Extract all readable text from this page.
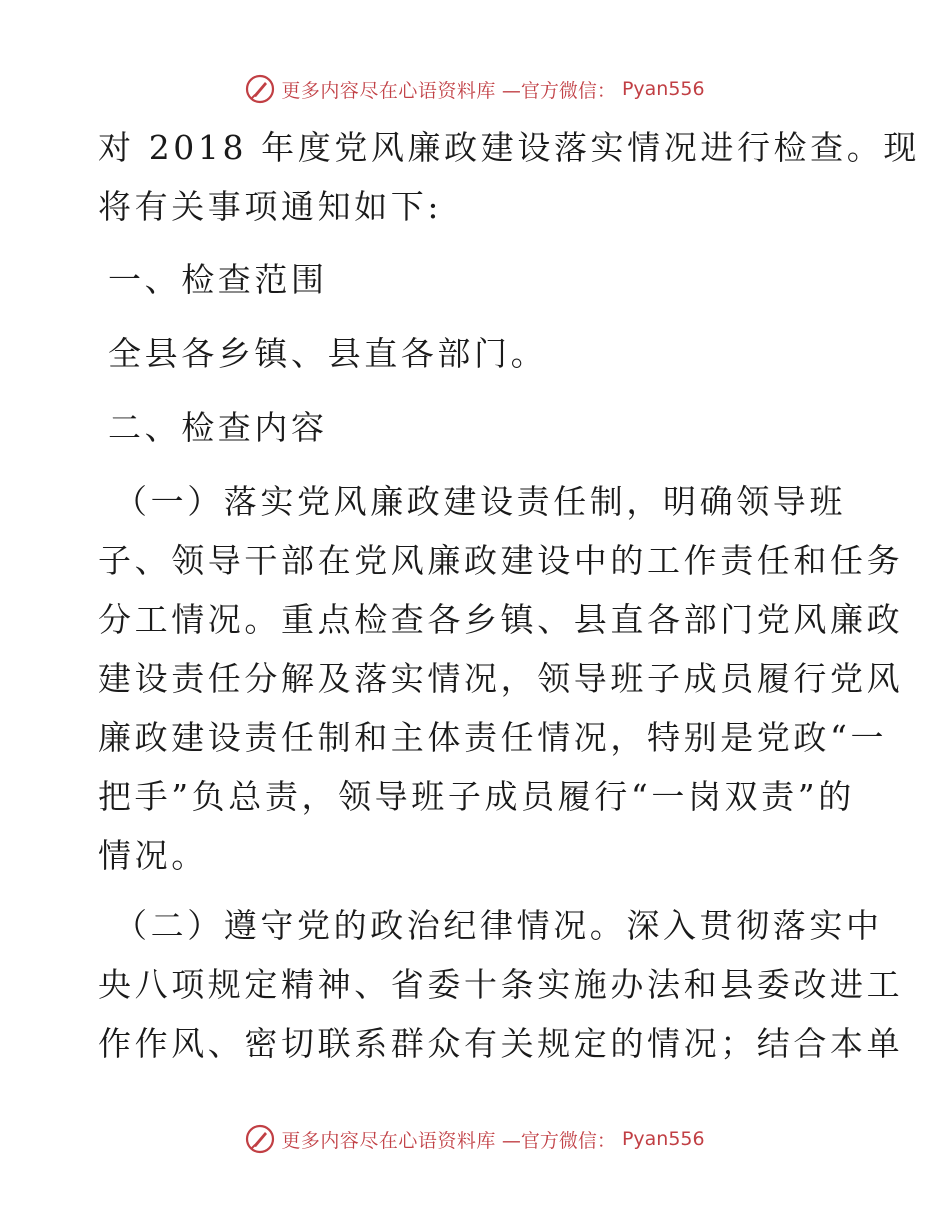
更多内容尽在心语资料库 —官方微信： Pyan556
对 2018 年度党风廉政建设落实情况进行检查。现
将有关事项通知如下:
一、检查范围
全县各乡镇、县直各部门。
二、检查内容
（一）落实党风廉政建设责任制，明确领导班
子、领导干部在党风廉政建设中的工作责任和任务
分工情况。重点检查各乡镇、县直各部门党风廉政
建设责任分解及落实情况，领导班子成员履行党风
廉政建设责任制和主体责任情况，特别是党政“一
把手”负总责，领导班子成员履行“一岗双责”的
情况。
（二）遵守党的政治纪律情况。深入贯彻落实中
央八项规定精神、省委十条实施办法和县委改进工
作作风、密切联系群众有关规定的情况；结合本单
更多内容尽在心语资料库 —官方微信： Pyan556
